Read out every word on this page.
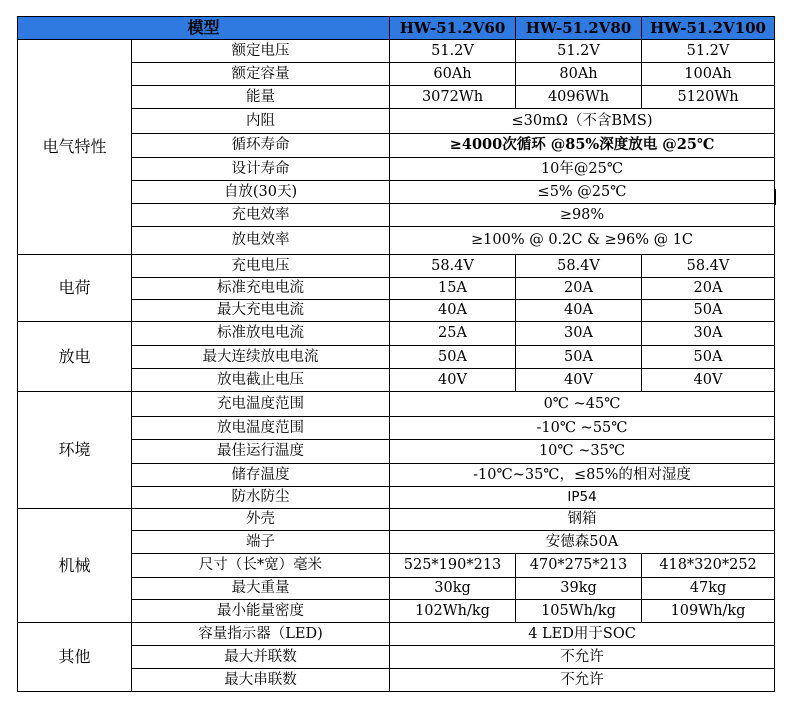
模型		HW-51.2V60	HW-51.2V80	HW-51.2V100
电气特性	额定电压	51.2V	51.2V	51.2V
	额定容量	60Ah	80Ah	100Ah
	能量	3072Wh	4096Wh	5120Wh
	内阻	≤30mΩ（不含BMS)		
	循环寿命	≥4000次循环 @85%深度放电 @25℃		
	设计寿命	10年@25℃		
	自放(30天)	≤5% @25℃		
	充电效率	≥98%		
	放电效率	≥100% @ 0.2C & ≥96% @ 1C		
电荷	充电电压	58.4V	58.4V	58.4V
	标准充电电流	15A	20A	20A
	最大充电电流	40A	40A	50A
放电	标准放电电流	25A	30A	30A
	最大连续放电电流	50A	50A	50A
	放电截止电压	40V	40V	40V
环境	充电温度范围	0℃ ~45℃		
	放电温度范围	-10℃ ~55℃		
	最佳运行温度	10℃ ~35℃		
	储存温度	-10℃~35℃，≤85%的相对湿度		
	防水防尘	IP54		
机械	外壳	钢箱		
	端子	安德森50A		
	尺寸（长*宽）毫米	525*190*213	470*275*213	418*320*252
	最大重量	30kg	39kg	47kg
	最小能量密度	102Wh/kg	105Wh/kg	109Wh/kg
其他	容量指示器（LED)	4 LED用于SOC		
	最大并联数	不允许		
	最大串联数	不允许		
